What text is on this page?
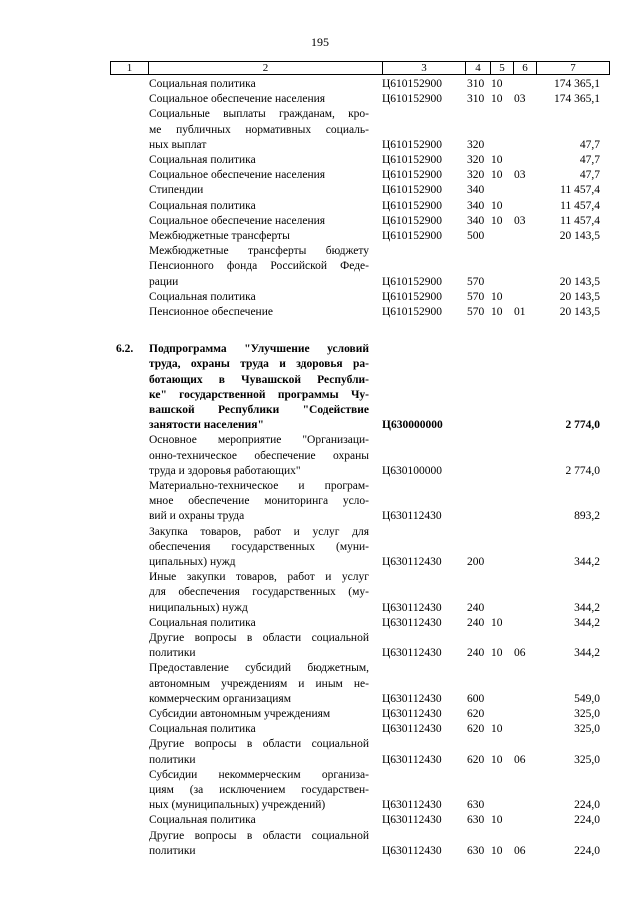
195
1	2	3	4	5	6	7
Социальная политика	Ц610152900	310 10	174 365,1
Социальное обеспечение населения	Ц610152900	310 10	03	174 365,1
Социальные выплаты гражданам, кро-
ме публичных нормативных социаль-
ных выплат	Ц610152900	320	47,7
Социальная политика	Ц610152900	320 10	47,7
Социальное обеспечение населения	Ц610152900	320 10	03	47,7
Стипендии	Ц610152900	340	11 457,4
Социальная политика	Ц610152900	340 10	11 457,4
Социальное обеспечение населения	Ц610152900	340 10	03	11 457,4
Межбюджетные трансферты	Ц610152900	500	20 143,5
Межбюджетные трансферты бюджету
Пенсионного фонда Российской Феде-
рации	Ц610152900	570	20 143,5
Социальная политика	Ц610152900	570 10	20 143,5
Пенсионное обеспечение	Ц610152900	570 10	01	20 143,5
6.2. Подпрограмма "Улучшение условий
труда, охраны труда и здоровья ра-
ботающих в Чувашской Республи-
ке" государственной программы Чу-
вашской Республики "Содействие
занятости населения"	Ц630000000	2 774,0
Основное мероприятие "Организаци-
онно-техническое обеспечение охраны
труда и здоровья работающих"	Ц630100000	2 774,0
Материально-техническое и програм-
мное обеспечение мониторинга усло-
вий и охраны труда	Ц630112430	893,2
Закупка товаров, работ и услуг для
обеспечения государственных (муни-
ципальных) нужд	Ц630112430	200	344,2
Иные закупки товаров, работ и услуг
для обеспечения государственных (му-
ниципальных) нужд	Ц630112430	240	344,2
Социальная политика	Ц630112430	240 10	344,2
Другие вопросы в области социальной
политики	Ц630112430	240 10	06	344,2
Предоставление субсидий бюджетным,
автономным учреждениям и иным не-
коммерческим организациям	Ц630112430	600	549,0
Субсидии автономным учреждениям	Ц630112430	620	325,0
Социальная политика	Ц630112430	620 10	325,0
Другие вопросы в области социальной
политики	Ц630112430	620 10	06	325,0
Субсидии некоммерческим организа-
циям (за исключением государствен-
ных (муниципальных) учреждений)	Ц630112430	630	224,0
Социальная политика	Ц630112430	630 10	224,0
Другие вопросы в области социальной
политики	Ц630112430	630 10	06	224,0
